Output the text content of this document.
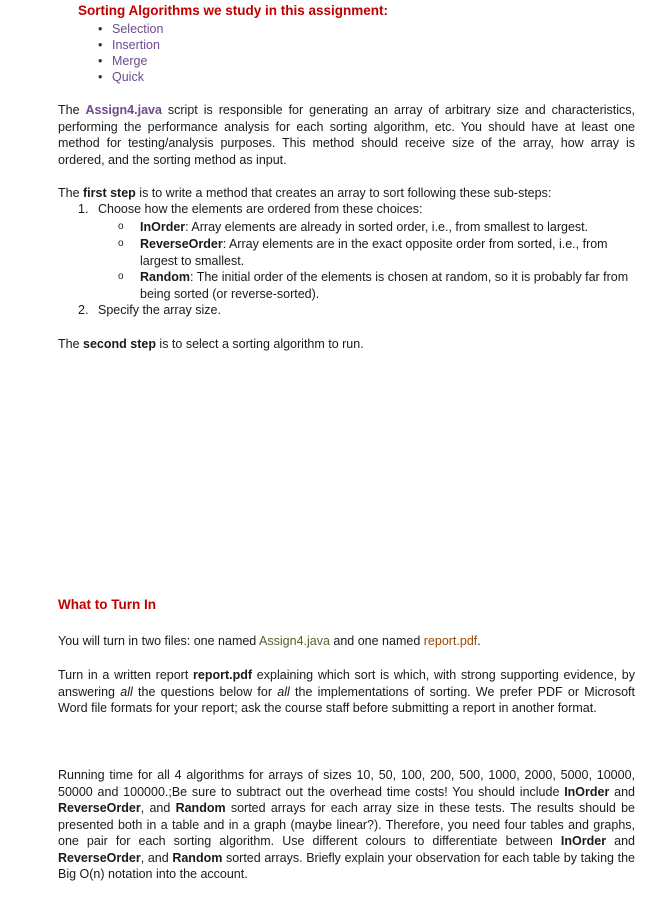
Sorting Algorithms we study in this assignment:
• Selection
• Insertion
• Merge
• Quick

The Assign4.java script is responsible for generating an array of arbitrary size and characteristics, performing the performance analysis for each sorting algorithm, etc. You should have at least one method for testing/analysis purposes. This method should receive size of the array, how array is ordered, and the sorting method as input.

The first step is to write a method that creates an array to sort following these sub-steps:

1. Choose how the elements are ordered from these choices:
o InOrder: Array elements are already in sorted order, i.e., from smallest to largest.
o ReverseOrder: Array elements are in the exact opposite order from sorted, i.e., from largest to smallest.
o Random: The initial order of the elements is chosen at random, so it is probably far from being sorted (or reverse-sorted).
2. Specify the array size.

The second step is to select a sorting algorithm to run.

What to Turn In

You will turn in two files: one named Assign4.java and one named report.pdf.

Turn in a written report report.pdf explaining which sort is which, with strong supporting evidence, by answering all the questions below for all the implementations of sorting. We prefer PDF or Microsoft Word file formats for your report; ask the course staff before submitting a report in another format.

Running time for all 4 algorithms for arrays of sizes 10, 50, 100, 200, 500, 1000, 2000, 5000, 10000, 50000 and 100000.;Be sure to subtract out the overhead time costs! You should include InOrder and ReverseOrder, and Random sorted arrays for each array size in these tests. The results should be presented both in a table and in a graph (maybe linear?). Therefore, you need four tables and graphs, one pair for each sorting algorithm. Use different colours to differentiate between InOrder and ReverseOrder, and Random sorted arrays. Briefly explain your observation for each table by taking the Big O(n) notation into the account.
